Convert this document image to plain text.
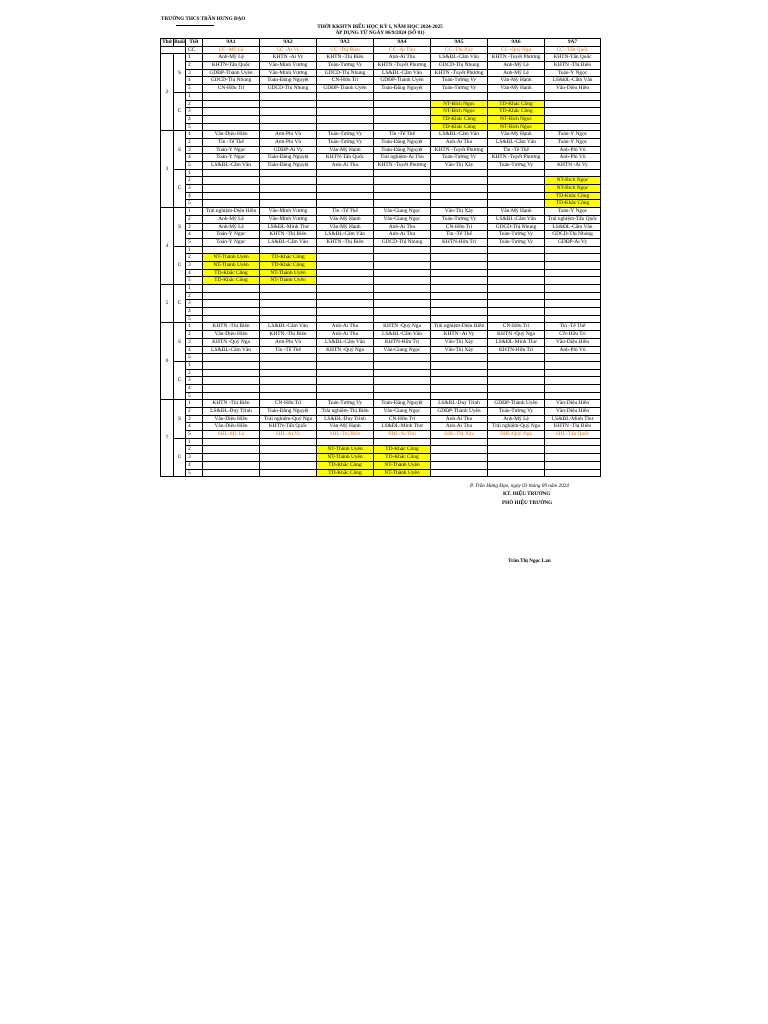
TRƯỜNG THCS TRẦN HƯNG ĐẠO
THỜI KKHTN BIỂU HỌC KỲ I, NĂM HỌC 2024-2025
ÁP DỤNG TỪ NGÀY 06/9/2024 (SỐ 01)
Thứ	Buổi	Tiết	9A1	9A2	9A3	9A4	9A5	9A6	9A7
		CC	CC -Mỹ Lệ	CC -Ái Vy	CC -Thị Biên	CC -Ái Thu	CC -Thị Xây	CC -Quý Nga	CC -Tấn Quốc
2	S	1	Anh-Mỹ Lệ	KHTN -Ái Vy	KHTN -Thị Biên	Anh-Ái Thu	LS&ĐL-Cẩm Vân	KHTN -Tuyết Phương	KHTN-Tấn Quốc
		2	KHTN-Tấn Quốc	Văn-Minh Vương	Toán-Tường Vy	KHTN -Tuyết Phương	GDCD-Thị Nhung	Anh-Mỹ Lệ	KHTN -Thị Biên
		3	GDĐP-Thành Uyên	Văn-Minh Vương	GDCD-Thị Nhung	LS&ĐL-Cẩm Vân	KHTN -Tuyết Phương	Anh-Mỹ Lệ	Toán-Ý Ngọc
		4	GDCD-Thị Nhung	Toán-Đăng Nguyệt	CN-Hữu Trí	GDĐP-Thành Uyên	Toán-Tường Vy	Văn-Mỹ Hạnh	LS&ĐL-Cẩm Vân
		5	CN-Hữu Trí	GDCD-Thị Nhung	GDĐP-Thành Uyên	Toán-Đăng Nguyệt	Toán-Tường Vy	Văn-Mỹ Hạnh	Văn-Diệu Hiền
	C	1							
		2					NT-Bích Ngọc	TD-Khắc Công	
		3					NT-Bích Ngọc	TD-Khắc Công	
		4					TD-Khắc Công	NT-Bích Ngọc	
		5					TD-Khắc Công	NT-Bích Ngọc	
3	S	1	Văn-Diệu Hiền	Anh-Phi Vũ	Toán-Tường Vy	Tin -Tế Thể	LS&ĐL-Cẩm Vân	Văn-Mỹ Hạnh	Toán-Ý Ngọc
		2	Tin -Tế Thể	Anh-Phi Vũ	Toán-Tường Vy	Toán-Đăng Nguyệt	Anh-Ái Thu	LS&ĐL-Cẩm Vân	Toán-Ý Ngọc
		3	Toán-Ý Ngọc	GDĐP-Ái Vy	Văn-Mỹ Hạnh	Toán-Đăng Nguyệt	KHTN -Tuyết Phương	Tin -Tế Thể	Anh-Phi Vũ
		4	Toán-Ý Ngọc	Toán-Đăng Nguyệt	KHTN-Tấn Quốc	Trải nghiệm-Ái Thu	Toán-Tường Vy	KHTN -Tuyết Phương	Anh-Phi Vũ
		5	LS&ĐL-Cẩm Vân	Toán-Đăng Nguyệt	Anh-Ái Thu	KHTN -Tuyết Phương	Văn-Thị Xây	Toán-Tường Vy	KHTN -Ái Vy
	C	1							
		2							NT-Bích Ngọc
		3							NT-Bích Ngọc
		4							TD-Khắc Công
		5							TD-Khắc Công
4	S	1	Trải nghiệm-Diệu Hiền	Văn-Minh Vương	Tin -Tế Thể	Văn-Giang Ngọc	Văn-Thị Xây	Văn-Mỹ Hạnh	Toán-Ý Ngọc
		2	Anh-Mỹ Lệ	Văn-Minh Vương	Văn-Mỹ Hạnh	Văn-Giang Ngọc	Toán-Tường Vy	LS&ĐL-Cẩm Vân	Trải nghiệm-Tấn Quốc
		3	Anh-Mỹ Lệ	LS&ĐL-Minh Thư	Văn-Mỹ Hạnh	Anh-Ái Thu	CN-Hữu Trí	GDCD-Thị Nhung	LS&ĐL-Cẩm Vân
		4	Toán-Ý Ngọc	KHTN -Thị Biên	LS&ĐL-Cẩm Vân	Anh-Ái Thu	Tin -Tế Thể	Toán-Tường Vy	GDCD-Thị Nhung
		5	Toán-Ý Ngọc	LS&ĐL-Cẩm Vân	KHTN -Thị Biên	GDCD-Thị Nhung	KHTN-Hữu Trí	Toán-Tường Vy	GDĐP-Ái Vy
	C	1							
		2	NT-Thành Uyên	TD-Khắc Công					
		3	NT-Thành Uyên	TD-Khắc Công					
		4	TD-Khắc Công	NT-Thành Uyên					
		5	TD-Khắc Công	NT-Thành Uyên					
5	C	1							
		2							
		3							
		4							
		5							
6	S	1	KHTN -Thị Biên	LS&ĐL-Cẩm Vân	Anh-Ái Thu	KHTN -Quý Nga	Trải nghiệm-Diệu Hiền	CN-Hữu Trí	Tin -Tế Thể
		2	Văn-Diệu Hiền	KHTN -Thị Biên	Anh-Ái Thu	LS&ĐL-Cẩm Vân	KHTN -Ái Vy	KHTN -Quý Nga	CN-Hữu Trí
		3	KHTN -Quý Nga	Anh-Phi Vũ	LS&ĐL-Cẩm Vân	KHTN-Hữu Trí	Văn-Thị Xây	LS&ĐL-Minh Thư	Văn-Diệu Hiền
		4	LS&ĐL-Cẩm Vân	Tin -Tế Thể	KHTN -Quý Nga	Văn-Giang Ngọc	Văn-Thị Xây	KHTN-Hữu Trí	Anh-Phi Vũ
		5							
	C	1							
		2							
		3							
		4							
		5							
7	S	1	KHTN -Thị Biên	CN-Hữu Trí	Toán-Tường Vy	Toán-Đăng Nguyệt	LS&ĐL-Duy Trình	GDĐP-Thành Uyên	Văn-Diệu Hiền
		2	LS&ĐL-Duy Trình	Toán-Đăng Nguyệt	Trải nghiệm-Thị Biên	Văn-Giang Ngọc	GDĐP-Thành Uyên	Toán-Tường Vy	Văn-Diệu Hiền
		3	Văn-Diệu Hiền	Trải nghiệm-Quý Nga	LS&ĐL-Duy Trình	CN-Hữu Trí	Anh-Ái Thu	Anh-Mỹ Lệ	LS&ĐL-Minh Thư
		4	Văn-Diệu Hiền	KHTN-Tấn Quốc	Văn-Mỹ Hạnh	LS&ĐL-Minh Thư	Anh-Ái Thu	Trải nghiệm-Quý Nga	KHTN -Thị Biên
		5	SHL-Mỹ Lệ	SHL-Ái Vy	SHL-Thị Biên	SHL-Ái Thu	SHL-Thị Xây	SHL-Quý Nga	SHL-Tấn Quốc
	C	1							
		2			NT-Thành Uyên	TD-Khắc Công			
		3			NT-Thành Uyên	TD-Khắc Công			
		4			TD-Khắc Công	NT-Thành Uyên			
		5			TD-Khắc Công	NT-Thành Uyên			
P. Trần Hưng Đạo, ngày 03 tháng 09 năm 2024
KT. HIỆU TRƯỞNG
PHÓ HIỆU TRƯỞNG
Trần Thị Ngọc Lan
